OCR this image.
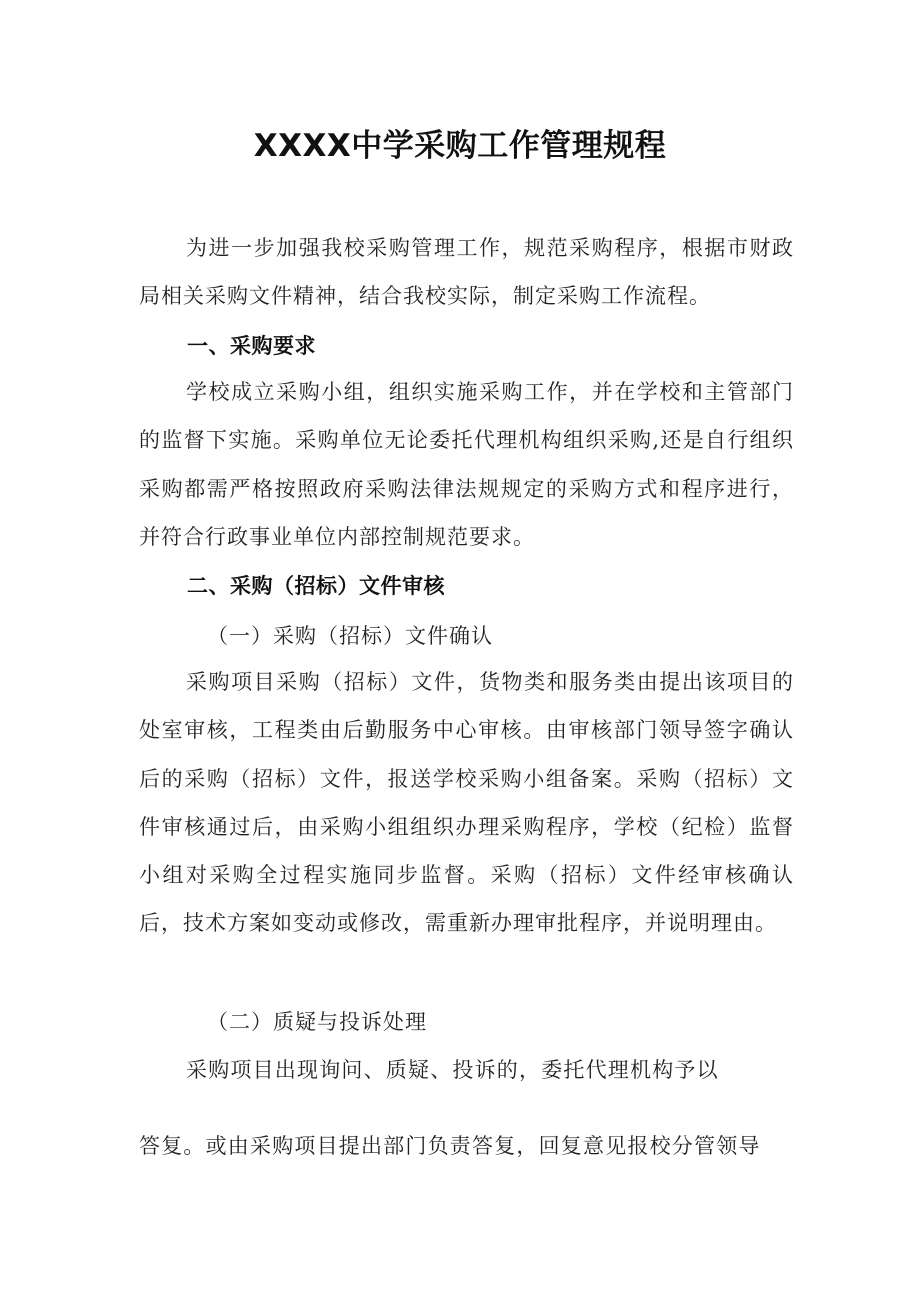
XXXX中学采购工作管理规程

为进一步加强我校采购管理工作，规范采购程序，根据市财政局相关采购文件精神，结合我校实际，制定采购工作流程。

一、采购要求

学校成立采购小组，组织实施采购工作，并在学校和主管部门的监督下实施。采购单位无论委托代理机构组织采购,还是自行组织采购都需严格按照政府采购法律法规规定的采购方式和程序进行，并符合行政事业单位内部控制规范要求。

二、采购（招标）文件审核
（一）采购（招标）文件确认

采购项目采购（招标）文件，货物类和服务类由提出该项目的处室审核，工程类由后勤服务中心审核。由审核部门领导签字确认后的采购（招标）文件，报送学校采购小组备案。采购（招标）文件审核通过后，由采购小组组织办理采购程序，学校（纪检）监督小组对采购全过程实施同步监督。采购（招标）文件经审核确认后，技术方案如变动或修改，需重新办理审批程序，并说明理由。

（二）质疑与投诉处理
采购项目出现询问、质疑、投诉的，委托代理机构予以
答复。或由采购项目提出部门负责答复，回复意见报校分管领导
